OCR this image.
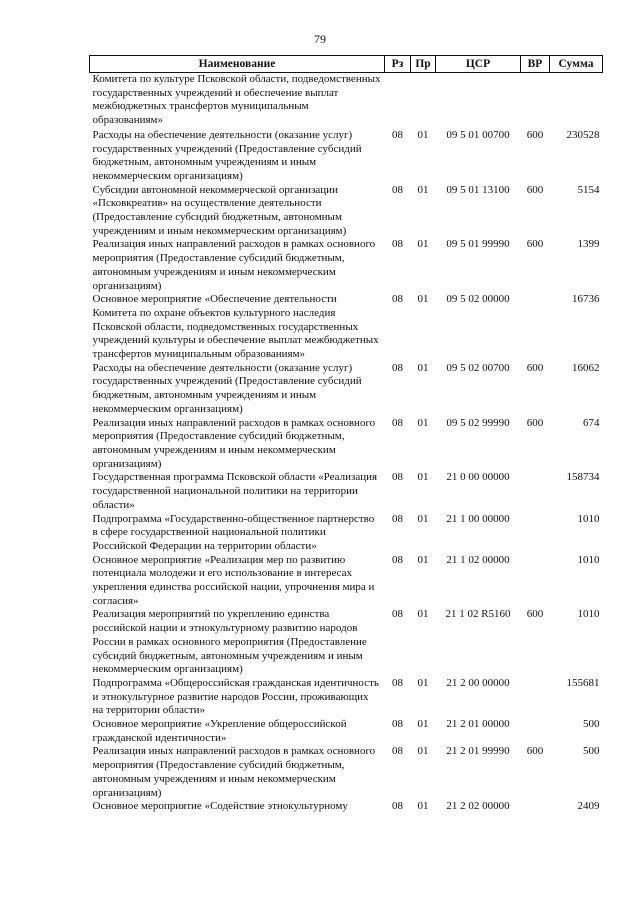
79
Наименование	Рз	Пр	ЦСР	ВР	Сумма
Комитета по культуре Псковской области, подведомственных государственных учреждений и обеспечение выплат межбюджетных трансфертов муниципальным образованиям»					
Расходы на обеспечение деятельности (оказание услуг) государственных учреждений (Предоставление субсидий бюджетным, автономным учреждениям и иным некоммерческим организациям)	08	01	09 5 01 00700	600	230528
Субсидии автономной некоммерческой организации «Псковкреатив» на осуществление деятельности (Предоставление субсидий бюджетным, автономным учреждениям и иным некоммерческим организациям)	08	01	09 5 01 13100	600	5154
Реализация иных направлений расходов в рамках основного мероприятия (Предоставление субсидий бюджетным, автономным учреждениям и иным некоммерческим организациям)	08	01	09 5 01 99990	600	1399
Основное мероприятие «Обеспечение деятельности Комитета по охране объектов культурного наследия Псковской области, подведомственных государственных учреждений культуры и обеспечение выплат межбюджетных трансфертов муниципальным образованиям»	08	01	09 5 02 00000		16736
Расходы на обеспечение деятельности (оказание услуг) государственных учреждений (Предоставление субсидий бюджетным, автономным учреждениям и иным некоммерческим организациям)	08	01	09 5 02 00700	600	16062
Реализация иных направлений расходов в рамках основного мероприятия (Предоставление субсидий бюджетным, автономным учреждениям и иным некоммерческим организациям)	08	01	09 5 02 99990	600	674
Государственная программа Псковской области «Реализация государственной национальной политики на территории области»	08	01	21 0 00 00000		158734
Подпрограмма «Государственно-общественное партнерство в сфере государственной национальной политики Российской Федерации на территории области»	08	01	21 1 00 00000		1010
Основное мероприятие «Реализация мер по развитию потенциала молодежи и его использование в интересах укрепления единства российской нации, упрочнения мира и согласия»	08	01	21 1 02 00000		1010
Реализация мероприятий по укреплению единства российской нации и этнокультурному развитию народов России в рамках основного мероприятия (Предоставление субсидий бюджетным, автономным учреждениям и иным некоммерческим организациям)	08	01	21 1 02 R5160	600	1010
Подпрограмма «Общероссийская гражданская идентичность и этнокультурное развитие народов России, проживающих на территории области»	08	01	21 2 00 00000		155681
Основное мероприятие «Укрепление общероссийской гражданской идентичности»	08	01	21 2 01 00000		500
Реализация иных направлений расходов в рамках основного мероприятия (Предоставление субсидий бюджетным, автономным учреждениям и иным некоммерческим организациям)	08	01	21 2 01 99990	600	500
Основное мероприятие «Содействие этнокультурному	08	01	21 2 02 00000		2409
